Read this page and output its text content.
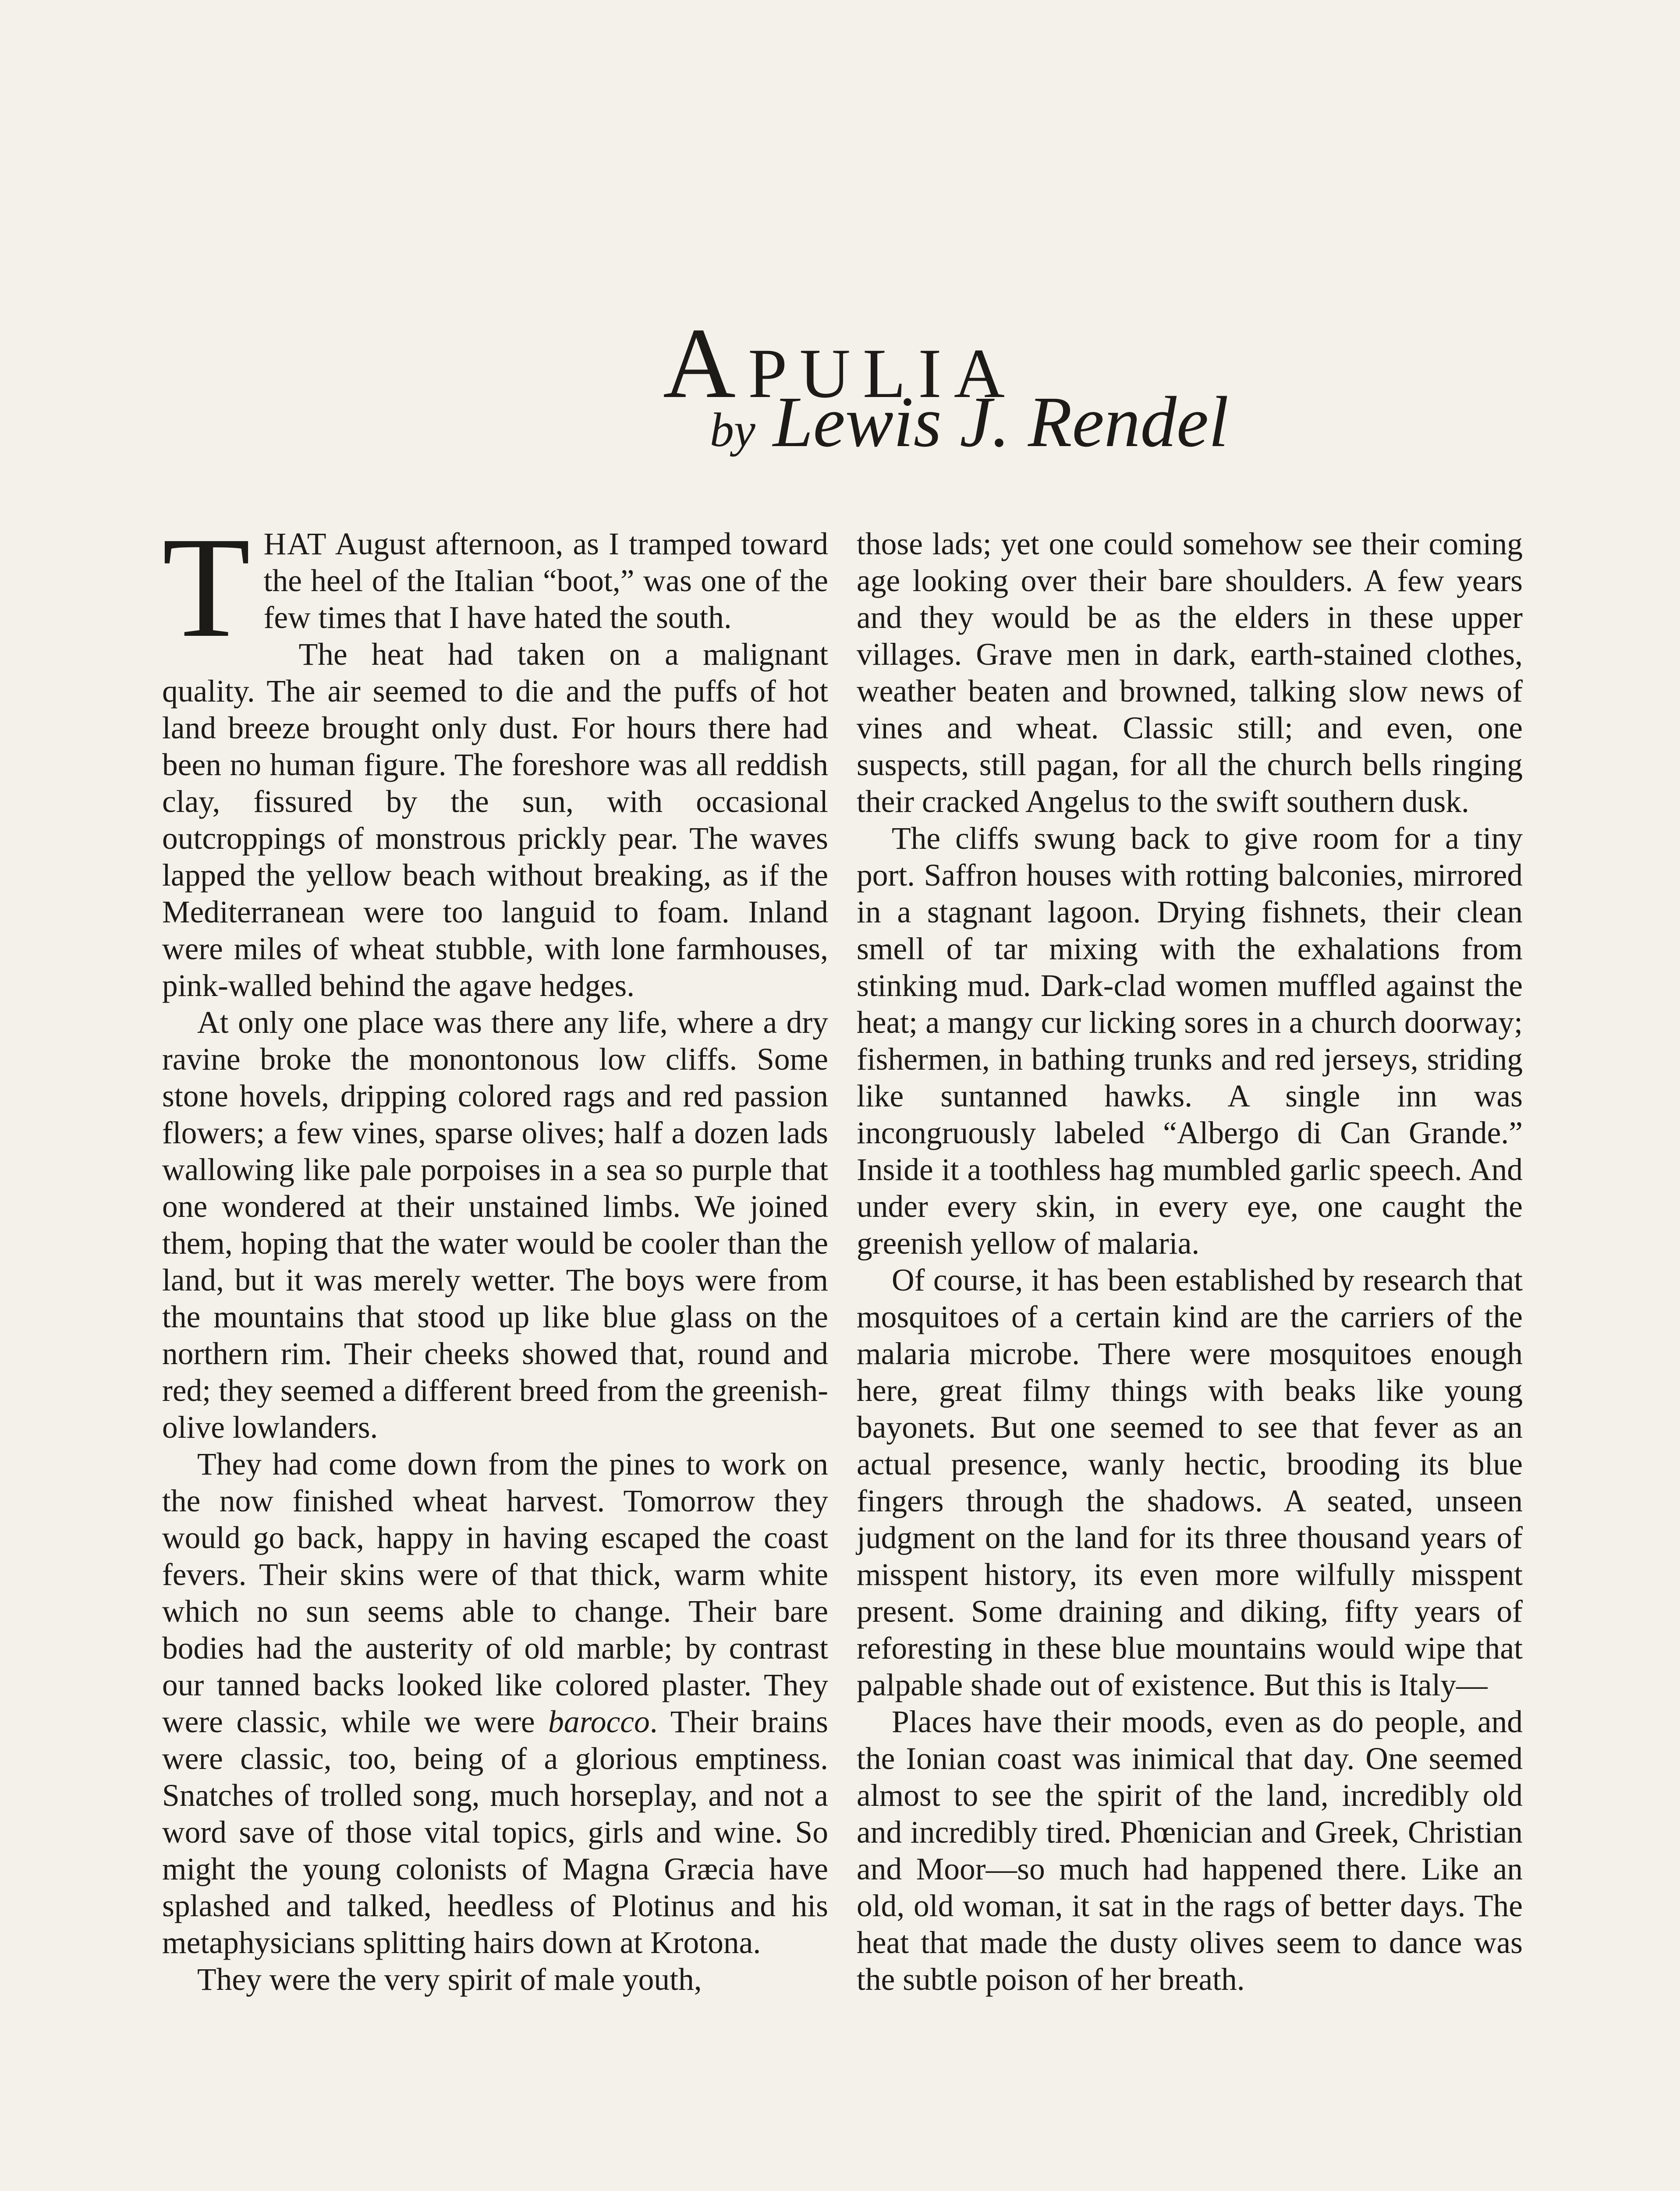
Apulia
by Lewis J. Rendel

THAT August afternoon, as I tramped toward the heel of the Italian “boot,” was one of the few times that I have hated the south.

The heat had taken on a malignant quality. The air seemed to die and the puffs of hot land breeze brought only dust. For hours there had been no human figure. The foreshore was all reddish clay, fissured by the sun, with occasional outcroppings of monstrous prickly pear. The waves lapped the yellow beach without breaking, as if the Mediterranean were too languid to foam. Inland were miles of wheat stubble, with lone farmhouses, pink-walled behind the agave hedges.

At only one place was there any life, where a dry ravine broke the monontonous low cliffs. Some stone hovels, dripping colored rags and red passion flowers; a few vines, sparse olives; half a dozen lads wallowing like pale porpoises in a sea so purple that one wondered at their unstained limbs. We joined them, hoping that the water would be cooler than the land, but it was merely wetter. The boys were from the mountains that stood up like blue glass on the northern rim. Their cheeks showed that, round and red; they seemed a different breed from the greenish-olive lowlanders.

They had come down from the pines to work on the now finished wheat harvest. Tomorrow they would go back, happy in having escaped the coast fevers. Their skins were of that thick, warm white which no sun seems able to change. Their bare bodies had the austerity of old marble; by contrast our tanned backs looked like colored plaster. They were classic, while we were barocco. Their brains were classic, too, being of a glorious emptiness. Snatches of trolled song, much horseplay, and not a word save of those vital topics, girls and wine. So might the young colonists of Magna Græcia have splashed and talked, heedless of Plotinus and his metaphysicians splitting hairs down at Krotona.

They were the very spirit of male youth,

those lads; yet one could somehow see their coming age looking over their bare shoulders. A few years and they would be as the elders in these upper villages. Grave men in dark, earth-stained clothes, weather beaten and browned, talking slow news of vines and wheat. Classic still; and even, one suspects, still pagan, for all the church bells ringing their cracked Angelus to the swift southern dusk.

The cliffs swung back to give room for a tiny port. Saffron houses with rotting balconies, mirrored in a stagnant lagoon. Drying fishnets, their clean smell of tar mixing with the exhalations from stinking mud. Dark-clad women muffled against the heat; a mangy cur licking sores in a church doorway; fishermen, in bathing trunks and red jerseys, striding like suntanned hawks. A single inn was incongruously labeled “Albergo di Can Grande.” Inside it a toothless hag mumbled garlic speech. And under every skin, in every eye, one caught the greenish yellow of malaria.

Of course, it has been established by research that mosquitoes of a certain kind are the carriers of the malaria microbe. There were mosquitoes enough here, great filmy things with beaks like young bayonets. But one seemed to see that fever as an actual presence, wanly hectic, brooding its blue fingers through the shadows. A seated, unseen judgment on the land for its three thousand years of misspent history, its even more wilfully misspent present. Some draining and diking, fifty years of reforesting in these blue mountains would wipe that palpable shade out of existence. But this is Italy—

Places have their moods, even as do people, and the Ionian coast was inimical that day. One seemed almost to see the spirit of the land, incredibly old and incredibly tired. Phœnician and Greek, Christian and Moor—so much had happened there. Like an old, old woman, it sat in the rags of better days. The heat that made the dusty olives seem to dance was the subtle poison of her breath.
